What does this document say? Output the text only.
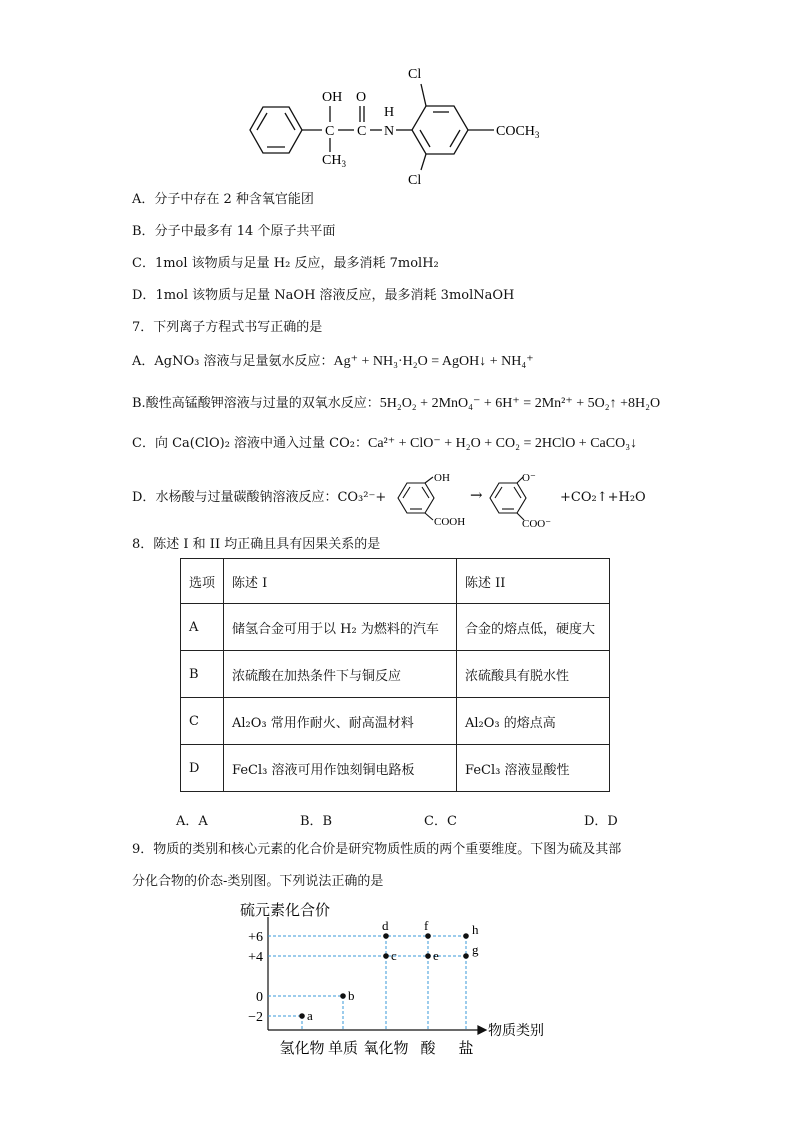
OH O
H
N
C C
$CH_3$
Cl
Cl
$COCH_3$
A．分子中存在 2 种含氧官能团
B．分子中最多有 14 个原子共平面
C．1mol 该物质与足量 H₂ 反应，最多消耗 7molH₂
D．1mol 该物质与足量 NaOH 溶液反应，最多消耗 3molNaOH
7．下列离子方程式书写正确的是
A．AgNO₃ 溶液与足量氨水反应：Ag⁺ + NH₃·H₂O = AgOH↓ + NH₄⁺
B.酸性高锰酸钾溶液与过量的双氧水反应：5H₂O₂ + 2MnO₄⁻ + 6H⁺ = 2Mn²⁺ + 5O₂↑ +8H₂O
C．向 Ca(ClO)₂ 溶液中通入过量 CO₂：Ca²⁺ + ClO⁻ + H₂O + CO₂ = 2HClO + CaCO₃↓
D．水杨酸与过量碳酸钠溶液反应：CO₃²⁻+
OH
COOH
→
O⁻
COO⁻
+CO₂↑+H₂O
8．陈述 I 和 II 均正确且具有因果关系的是
选项	陈述 I	陈述 II
A	储氢合金可用于以 H₂ 为燃料的汽车	合金的熔点低，硬度大
B	浓硫酸在加热条件下与铜反应	浓硫酸具有脱水性
C	Al₂O₃ 常用作耐火、耐高温材料	Al₂O₃ 的熔点高
D	FeCl₃ 溶液可用作蚀刻铜电路板	FeCl₃ 溶液显酸性
A．A	B．B	C．C	D．D
9．物质的类别和核心元素的化合价是研究物质性质的两个重要维度。下图为硫及其部
分化合物的价态-类别图。下列说法正确的是
a
b
c
d
e
f
g
h
硫元素化合价
物质类别
氢化物 单质 氧化物 酸 盐
+6
+4
0
−2
